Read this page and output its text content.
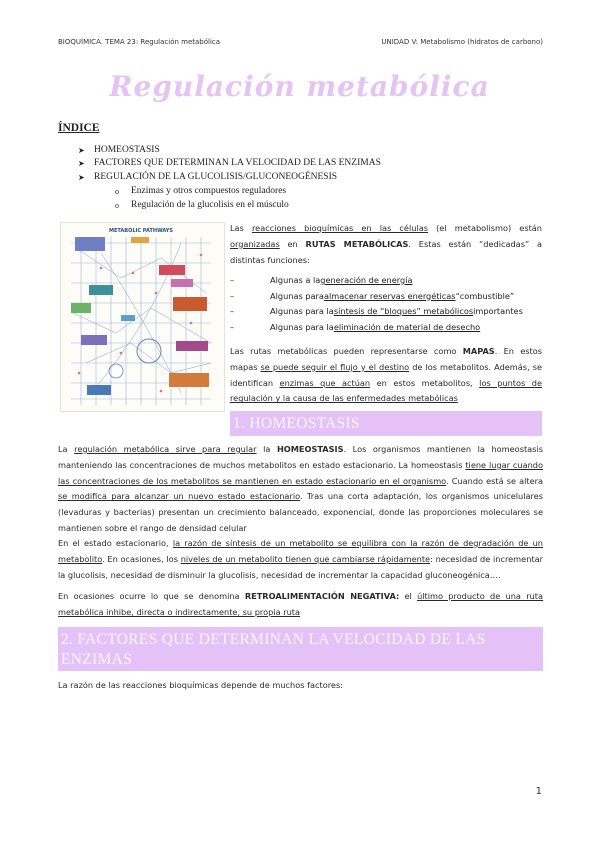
BIOQUÍMICA. TEMA 23: Regulación metabólica	UNIDAD V: Metabolismo (hidratos de carbono)
Regulación metabólica
ÍNDICE
➤ HOMEOSTASIS
➤ FACTORES QUE DETERMINAN LA VELOCIDAD DE LAS ENZIMAS
➤ REGULACIÓN DE LA GLUCOLISIS/GLUCONEOGÉNESIS
o	Enzimas y otros compuestos reguladores
o	Regulación de la glucolisis en el músculo
METABOLIC PATHWAYS	Las reacciones bioquímicas en las células (el metabolismo) están organizadas en RUTAS METABÓLICAS. Estas están “dedicadas” a distintas funciones:
–	Algunas a la generación de energía
–	Algunas para almacenar reservas energéticas “combustible”
–	Algunas para la síntesis de “bloques” metabólicos importantes
–	Algunas para la eliminación de material de desecho
Las rutas metabólicas pueden representarse como MAPAS. En estos mapas se puede seguir el flujo y el destino de los metabolitos. Además, se identifican enzimas que actúan en estos metabolitos, los puntos de regulación y la causa de las enfermedades metabólicas
1. HOMEOSTASIS
La regulación metabólica sirve para regular la HOMEOSTASIS. Los organismos mantienen la homeostasis manteniendo las concentraciones de muchos metabolitos en estado estacionario. La homeostasis tiene lugar cuando las concentraciones de los metabolitos se mantienen en estado estacionario en el organismo. Cuando está se altera se modifica para alcanzar un nuevo estado estacionario. Tras una corta adaptación, los organismos unicelulares (levaduras y bacterias) presentan un crecimiento balanceado, exponencial, donde las proporciones moleculares se mantienen sobre el rango de densidad celular
En el estado estacionario, la razón de síntesis de un metabolito se equilibra con la razón de degradación de un metabolito. En ocasiones, los niveles de un metabolito tienen que cambiarse rápidamente: necesidad de incrementar la glucolisis, necesidad de disminuir la glucolisis, necesidad de incrementar la capacidad gluconeogénica….
En ocasiones ocurre lo que se denomina RETROALIMENTACIÓN NEGATIVA: el último producto de una ruta metabólica inhibe, directa o indirectamente, su propia ruta
2. FACTORES QUE DETERMINAN LA VELOCIDAD DE LAS ENZIMAS
La razón de las reacciones bioquímicas depende de muchos factores:
1
